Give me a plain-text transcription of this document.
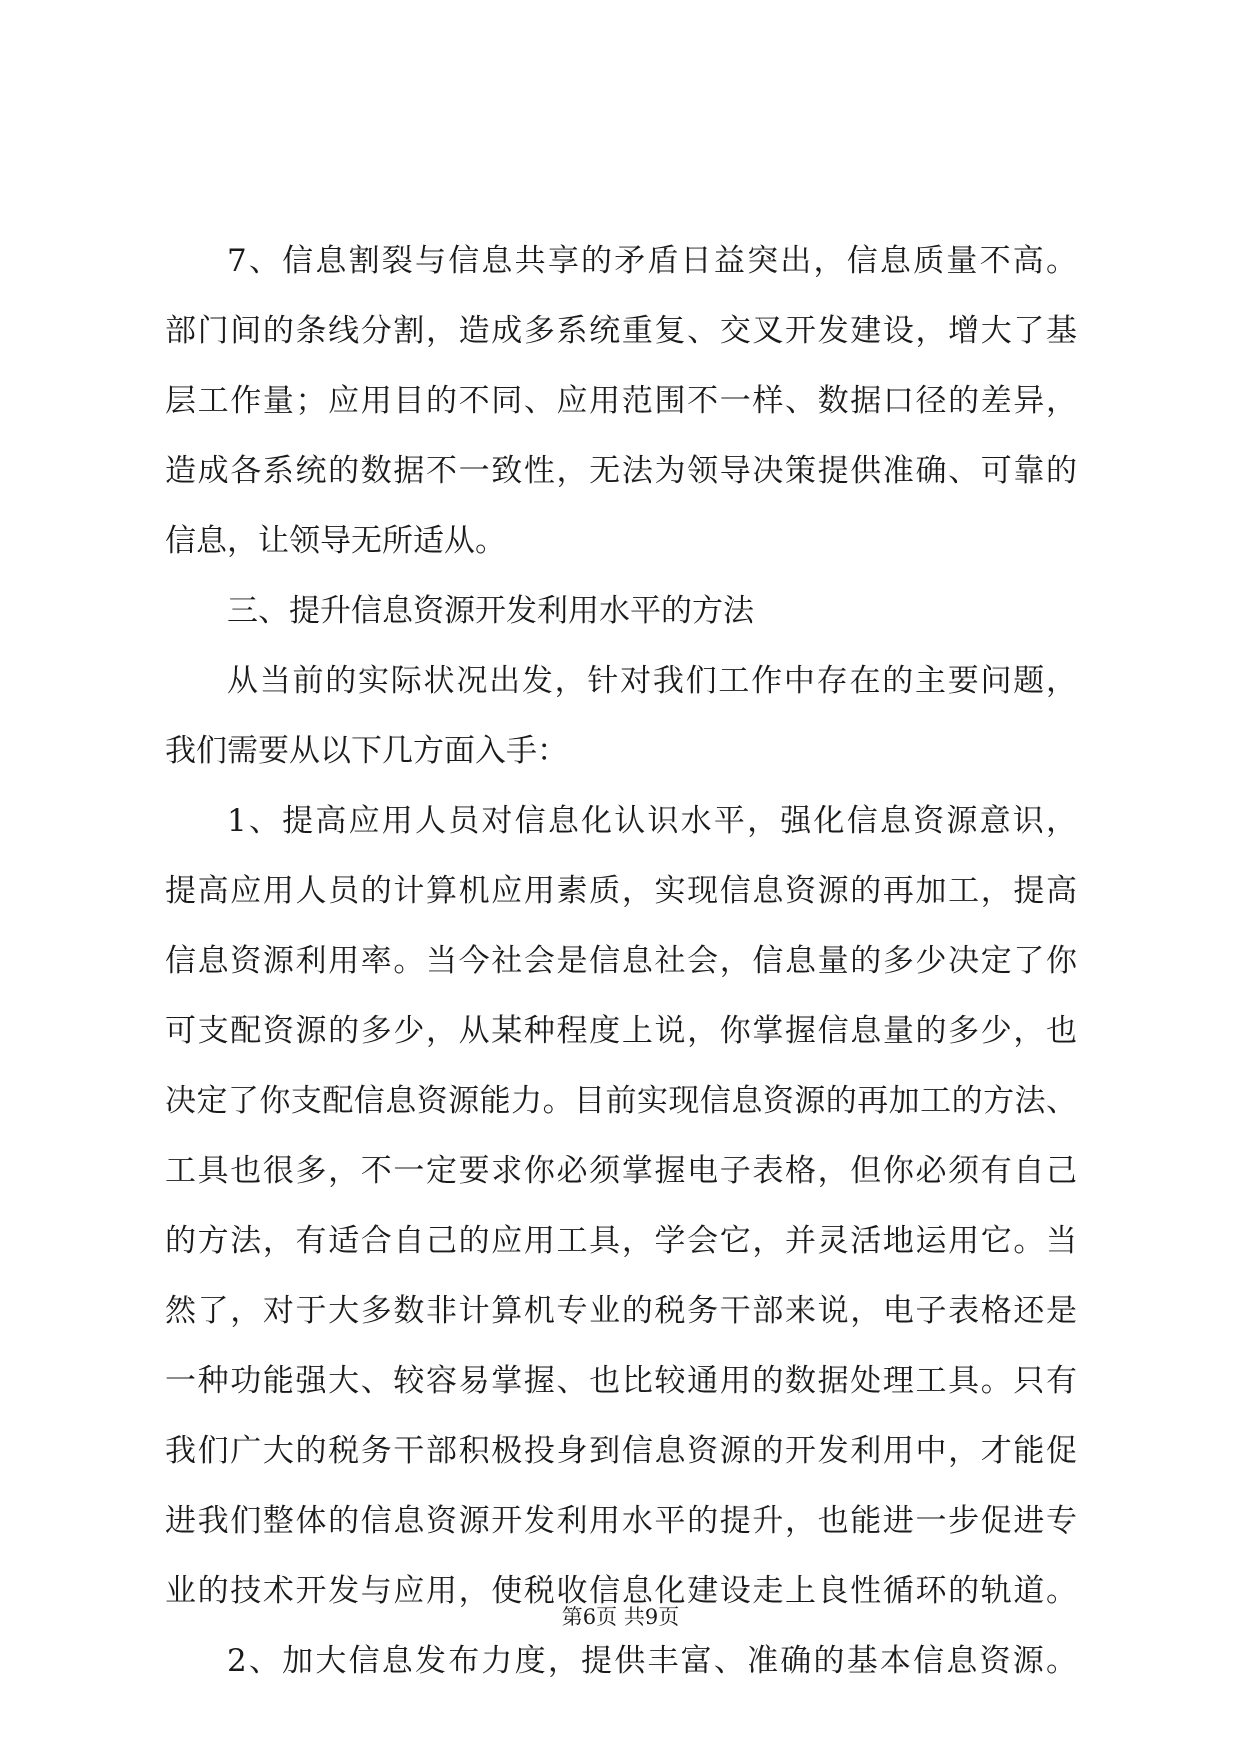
7、信息割裂与信息共享的矛盾日益突出，信息质量不高。
部门间的条线分割，造成多系统重复、交叉开发建设，增大了基
层工作量；应用目的不同、应用范围不一样、数据口径的差异，
造成各系统的数据不一致性，无法为领导决策提供准确、可靠的
信息，让领导无所适从。
三、提升信息资源开发利用水平的方法
从当前的实际状况出发，针对我们工作中存在的主要问题，
我们需要从以下几方面入手：
1、提高应用人员对信息化认识水平，强化信息资源意识，
提高应用人员的计算机应用素质，实现信息资源的再加工，提高
信息资源利用率。当今社会是信息社会，信息量的多少决定了你
可支配资源的多少，从某种程度上说，你掌握信息量的多少，也
决定了你支配信息资源能力。目前实现信息资源的再加工的方法、
工具也很多，不一定要求你必须掌握电子表格，但你必须有自己
的方法，有适合自己的应用工具，学会它，并灵活地运用它。当
然了，对于大多数非计算机专业的税务干部来说，电子表格还是
一种功能强大、较容易掌握、也比较通用的数据处理工具。只有
我们广大的税务干部积极投身到信息资源的开发利用中，才能促
进我们整体的信息资源开发利用水平的提升，也能进一步促进专
业的技术开发与应用，使税收信息化建设走上良性循环的轨道。
2、加大信息发布力度，提供丰富、准确的基本信息资源。
第6页 共9页
